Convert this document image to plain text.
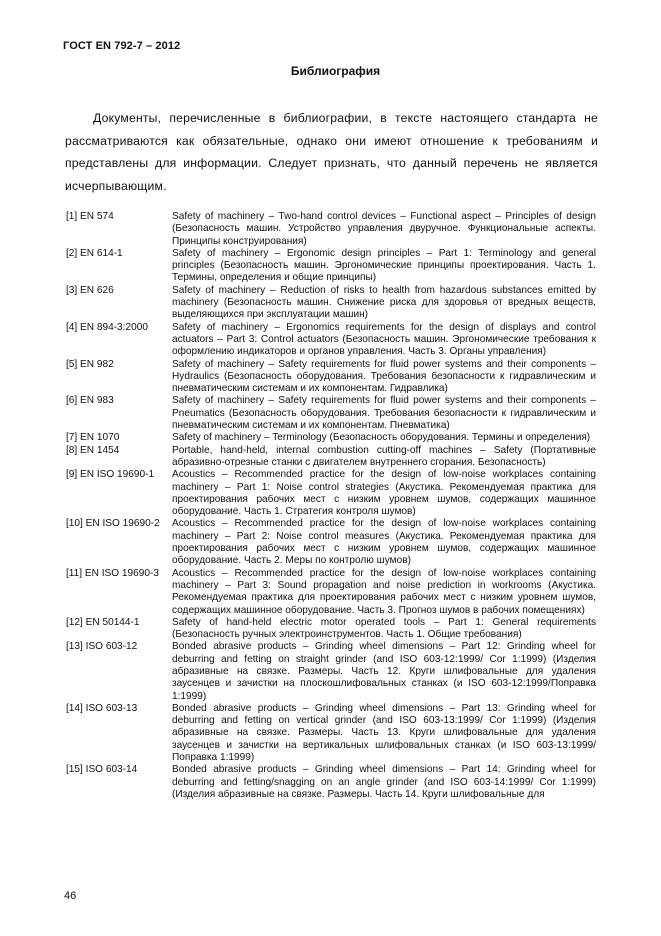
ГОСТ EN 792-7 – 2012
Библиография

Документы, перечисленные в библиографии, в тексте настоящего стандарта не рассматриваются как обязательные, однако они имеют отношение к требованиям и представлены для информации. Следует признать, что данный перечень не является исчерпывающим.

[1] EN 574	Safety of machinery – Two-hand control devices – Functional aspect – Principles of design (Безопасность машин. Устройство управления двуручное. Функциональные аспекты. Принципы конструирования)
[2] EN 614-1	Safety of machinery – Ergonomic design principles – Part 1: Terminology and general principles (Безопасность машин. Эргономические принципы проектирования. Часть 1. Термины, определения и общие принципы)
[3] EN 626	Safety of machinery – Reduction of risks to health from hazardous substances emitted by machinery (Безопасность машин. Снижение риска для здоровья от вредных веществ, выделяющихся при эксплуатации машин)
[4] EN 894-3:2000	Safety of machinery – Ergonomics requirements for the design of displays and control actuators – Part 3: Control actuators (Безопасность машин. Эргономические требования к оформлению индикаторов и органов управления. Часть 3. Органы управления)
[5] EN 982	Safety of machinery – Safety requirements for fluid power systems and their components – Hydraulics (Безопасность оборудования. Требования безопасности к гидравлическим и пневматическим системам и их компонентам. Гидравлика)
[6] EN 983	Safety of machinery – Safety requirements for fluid power systems and their components – Pneumatics (Безопасность оборудования. Требования безопасности к гидравлическим и пневматическим системам и их компонентам. Пневматика)
[7] EN 1070	Safety of machinery – Terminology (Безопасность оборудования. Термины и определения)
[8] EN 1454	Portable, hand-held, internal combustion cutting-off machines – Safety (Портативные абразивно-отрезные станки с двигателем внутреннего сгорания. Безопасность)
[9] EN ISO 19690-1	Acoustics – Recommended practice for the design of low-noise workplaces containing machinery – Part 1: Noise control strategies (Акустика. Рекомендуемая практика для проектирования рабочих мест с низким уровнем шумов, содержащих машинное оборудование. Часть 1. Стратегия контроля шумов)
[10] EN ISO 19690-2	Acoustics – Recommended practice for the design of low-noise workplaces containing machinery – Part 2: Noise control measures (Акустика. Рекомендуемая практика для проектирования рабочих мест с низким уровнем шумов, содержащих машинное оборудование. Часть 2. Меры по контролю шумов)
[11] EN ISO 19690-3	Acoustics – Recommended practice for the design of low-noise workplaces containing machinery – Part 3: Sound propagation and noise prediction in workrooms (Акустика. Рекомендуемая практика для проектирования рабочих мест с низким уровнем шумов, содержащих машинное оборудование. Часть 3. Прогноз шумов в рабочих помещениях)
[12] EN 50144-1	Safety of hand-held electric motor operated tools – Part 1: General requirements (Безопасность ручных электроинструментов. Часть 1. Общие требования)
[13] ISO 603-12	Bonded abrasive products – Grinding wheel dimensions – Part 12: Grinding wheel for deburring and fetting on straight grinder (and ISO 603-12:1999/ Cor 1:1999) (Изделия абразивные на связке. Размеры. Часть 12. Круги шлифовальные для удаления заусенцев и зачистки на плоскошлифовальных станках (и ISO 603-12:1999/Поправка 1:1999)
[14] ISO 603-13	Bonded abrasive products – Grinding wheel dimensions – Part 13: Grinding wheel for deburring and fetting on vertical grinder (and ISO 603-13:1999/ Cor 1:1999) (Изделия абразивные на связке. Размеры. Часть 13. Круги шлифовальные для удаления заусенцев и зачистки на вертикальных шлифовальных станках (и ISO 603-13:1999/Поправка 1:1999)
[15] ISO 603-14	Bonded abrasive products – Grinding wheel dimensions – Part 14: Grinding wheel for deburring and fetting/snagging on an angle grinder (and ISO 603-14:1999/ Cor 1:1999) (Изделия абразивные на связке. Размеры. Часть 14. Круги шлифовальные для
46
